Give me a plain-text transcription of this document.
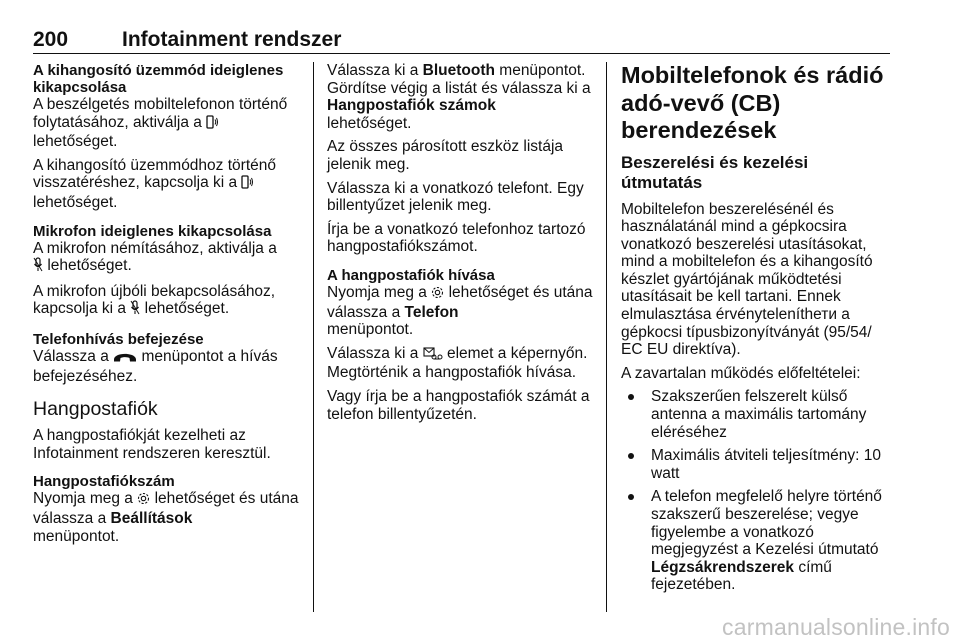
200	Infotainment rendszer
A kihangosító üzemmód ideiglenes kikapcsolása
A beszélgetés mobiltelefonon történő folytatásához, aktiválja a
lehetőséget.
A kihangosító üzemmódhoz történő visszatéréshez, kapcsolja ki a
lehetőséget.
Mikrofon ideiglenes kikapcsolása
A mikrofon némításához, aktiválja a
lehetőséget.
A mikrofon újbóli bekapcsolásához, kapcsolja ki a lehetőséget.
Telefonhívás befejezése
Válassza a menüpontot a hívás befejezéséhez.
Hangpostafiók
A hangpostafiókját kezelheti az Infotainment rendszeren keresztül.
Hangpostafiókszám
Nyomja meg a lehetőséget és utána válassza a Beállítások
menüpontot.
Válassza ki a Bluetooth menüpontot. Gördítse végig a listát és válassza ki a Hangpostafiók számok
lehetőséget.
Az összes párosított eszköz listája jelenik meg.
Válassza ki a vonatkozó telefont. Egy billentyűzet jelenik meg.
Írja be a vonatkozó telefonhoz tartozó hangpostafiókszámot.
A hangpostafiók hívása
Nyomja meg a lehetőséget és utána válassza a Telefon
menüpontot.
Válassza ki a elemet a képernyőn. Megtörténik a hangpostafiók hívása.
Vagy írja be a hangpostafiók számát a telefon billentyűzetén.
Mobiltelefonok és rádió adó-vevő (CB) berendezések
Beszerelési és kezelési útmutatás
Mobiltelefon beszerelésénél és használatánál mind a gépkocsira vonatkozó beszerelési utasításokat, mind a mobiltelefon és a kihangosító készlet gyártójának működtetési utasításait be kell tartani. Ennek elmulasztása érvényteleníthети a gépkocsi típusbizonyítványát (95/54/ EC EU direktíva).
A zavartalan működés előfeltételei:
Szakszerűen felszerelt külső antenna a maximális tartomány eléréséhez
Maximális átviteli teljesítmény: 10 watt
A telefon megfelelő helyre történő szakszerű beszerelése; vegye figyelembe a vonatkozó megjegyzést a Kezelési útmutató Légzsákrendszerek című fejezetében.
carmanualsonline.info
